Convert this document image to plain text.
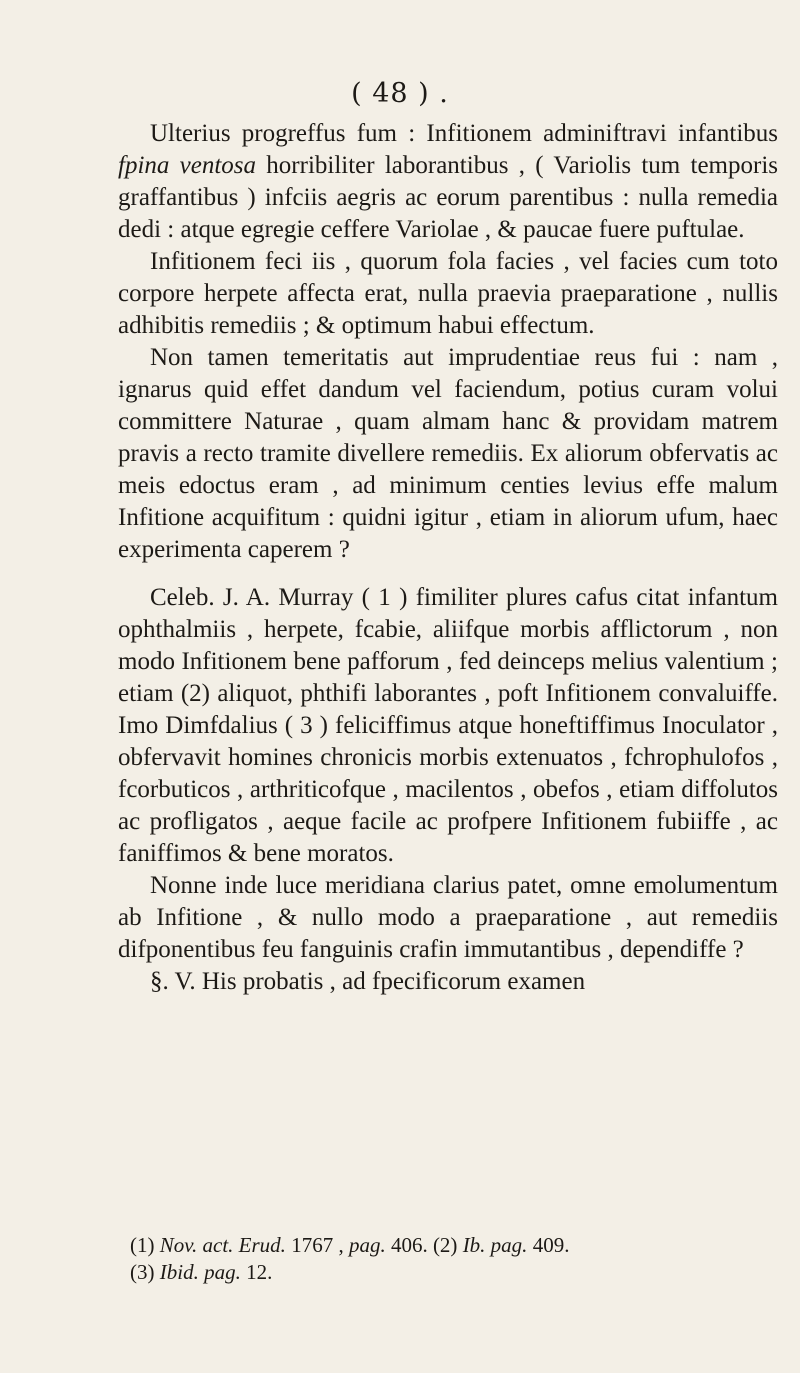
( 48 ) .

Ulterius progreffus fum : Infitionem adminiftravi infantibus fpina ventosa horribiliter laborantibus , ( Variolis tum temporis graffantibus ) infciis aegris ac eorum parentibus : nulla remedia dedi : atque egregie ceffere Variolae , & paucae fuere puftulae.

Infitionem feci iis , quorum fola facies , vel facies cum toto corpore herpete affecta erat, nulla praevia praeparatione , nullis adhibitis remediis ; & optimum habui effectum.

Non tamen temeritatis aut imprudentiae reus fui : nam , ignarus quid effet dandum vel faciendum, potius curam volui committere Naturae , quam almam hanc & providam matrem pravis a recto tramite divellere remediis. Ex aliorum obfervatis ac meis edoctus eram , ad minimum centies levius effe malum Infitione acquifitum : quidni igitur , etiam in aliorum ufum, haec experimenta caperem ?

Celeb. J. A. Murray ( 1 ) fimiliter plures cafus citat infantum ophthalmiis , herpete, fcabie, aliifque morbis afflictorum , non modo Infitionem bene pafforum , fed deinceps melius valentium ; etiam (2) aliquot, phthifi laborantes , poft Infitionem convaluiffe. Imo Dimfdalius ( 3 ) feliciffimus atque honeftiffimus Inoculator , obfervavit homines chronicis morbis extenuatos , fchrophulofos , fcorbuticos , arthriticofque , macilentos , obefos , etiam diffolutos ac profligatos , aeque facile ac profpere Infitionem fubiiffe , ac faniffimos & bene moratos.

Nonne inde luce meridiana clarius patet, omne emolumentum ab Infitione , & nullo modo a praeparatione , aut remediis difponentibus feu fanguinis crafin immutantibus , dependiffe ?

§. V. His probatis , ad fpecificorum examen

(1) Nov. act. Erud. 1767 , pag. 406. (2) Ib. pag. 409.
(3) Ibid. pag. 12.
